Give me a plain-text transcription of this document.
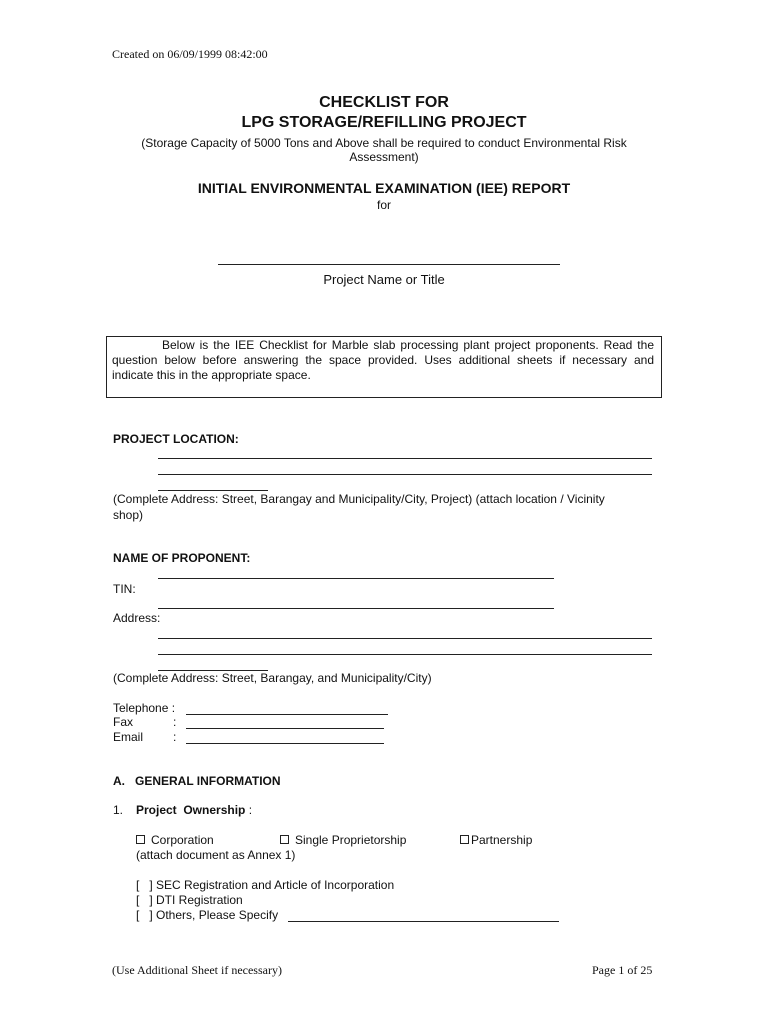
Created on 06/09/1999 08:42:00
CHECKLIST FOR
LPG STORAGE/REFILLING PROJECT
(Storage Capacity of 5000 Tons and Above shall be required to conduct Environmental Risk
Assessment)
INITIAL ENVIRONMENTAL EXAMINATION (IEE) REPORT
for
Project Name or Title
Below is the IEE Checklist for Marble slab processing plant project proponents. Read the question below before answering the space provided. Uses additional sheets if necessary and indicate this in the appropriate space.
PROJECT LOCATION:
(Complete Address: Street, Barangay and Municipality/City, Project) (attach location / Vicinity
shop)
NAME OF PROPONENT:
TIN:
Address:
(Complete Address: Street, Barangay, and Municipality/City)
Telephone :
Fax	:
Email :
A.   GENERAL INFORMATION
1. Project  Ownership :
Corporation	Single Proprietorship	Partnership
(attach document as Annex 1)
[   ] SEC Registration and Article of Incorporation
[   ] DTI Registration
[   ] Others, Please Specify
(Use Additional Sheet if necessary)	Page 1 of 25
